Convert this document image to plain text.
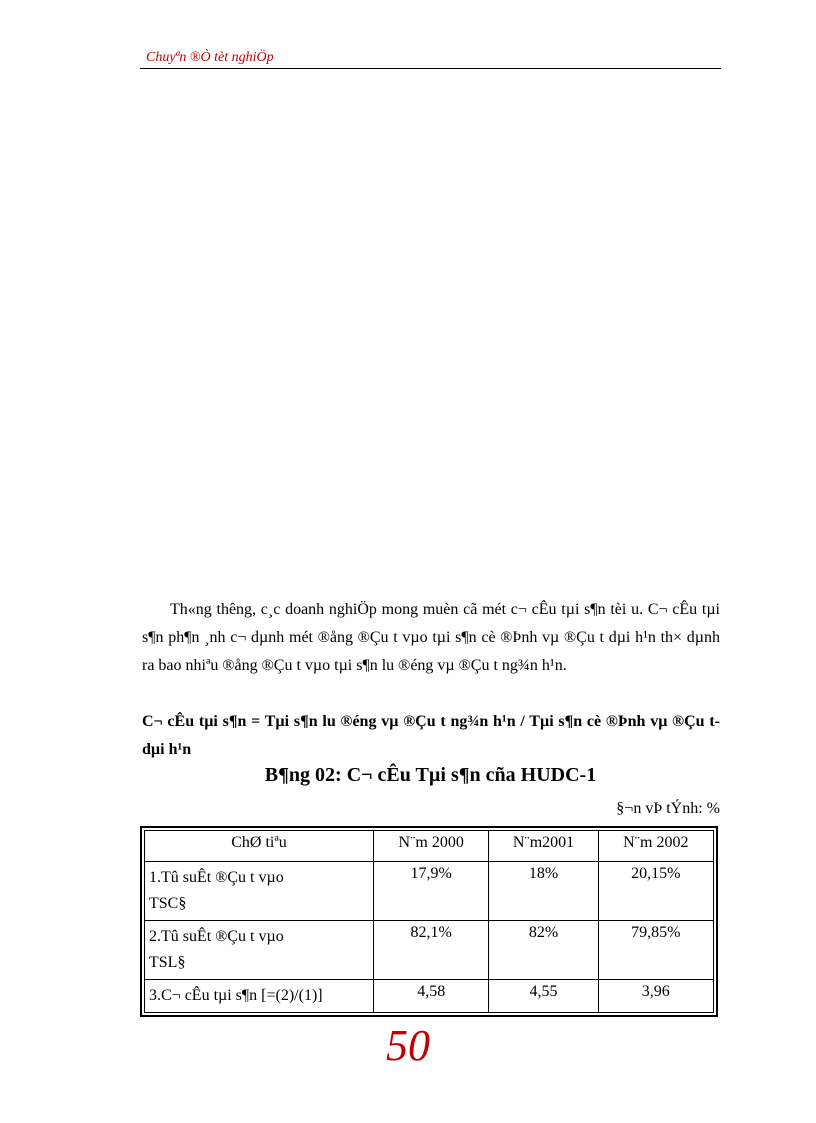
Chuyªn ®Ò tèt nghiÖp

Th«ng thêng, c¸c doanh nghiÖp mong muèn cã mét c¬ cÊu tµi s¶n tèi u. C¬ cÊu tµi s¶n ph¶n ¸nh c¬ dµnh mét ®ång ®Çu t vµo tµi s¶n cè ®Þnh vµ ®Çu t dµi h¹n th× dµnh ra bao nhiªu ®ång ®Çu t vµo tµi s¶n lu ®éng vµ ®Çu t ng¾n h¹n.

C¬ cÊu tµi s¶n = Tµi s¶n lu ®éng vµ ®Çu t ng¾n h¹n / Tµi s¶n cè ®Þnh vµ ®Çu t dµi h¹n

B¶ng 02: C¬ cÊu Tµi s¶n cña HUDC-1
§¬n vÞ tÝnh: %
ChØ tiªu	N¨m 2000	N¨m2001	N¨m 2002
1.Tû suÊt ®Çu t vµo
TSC§	17,9%	18%	20,15%
2.Tû suÊt ®Çu t vµo
TSL§	82,1%	82%	79,85%
3.C¬ cÊu tµi s¶n [=(2)/(1)]	4,58	4,55	3,96
50
